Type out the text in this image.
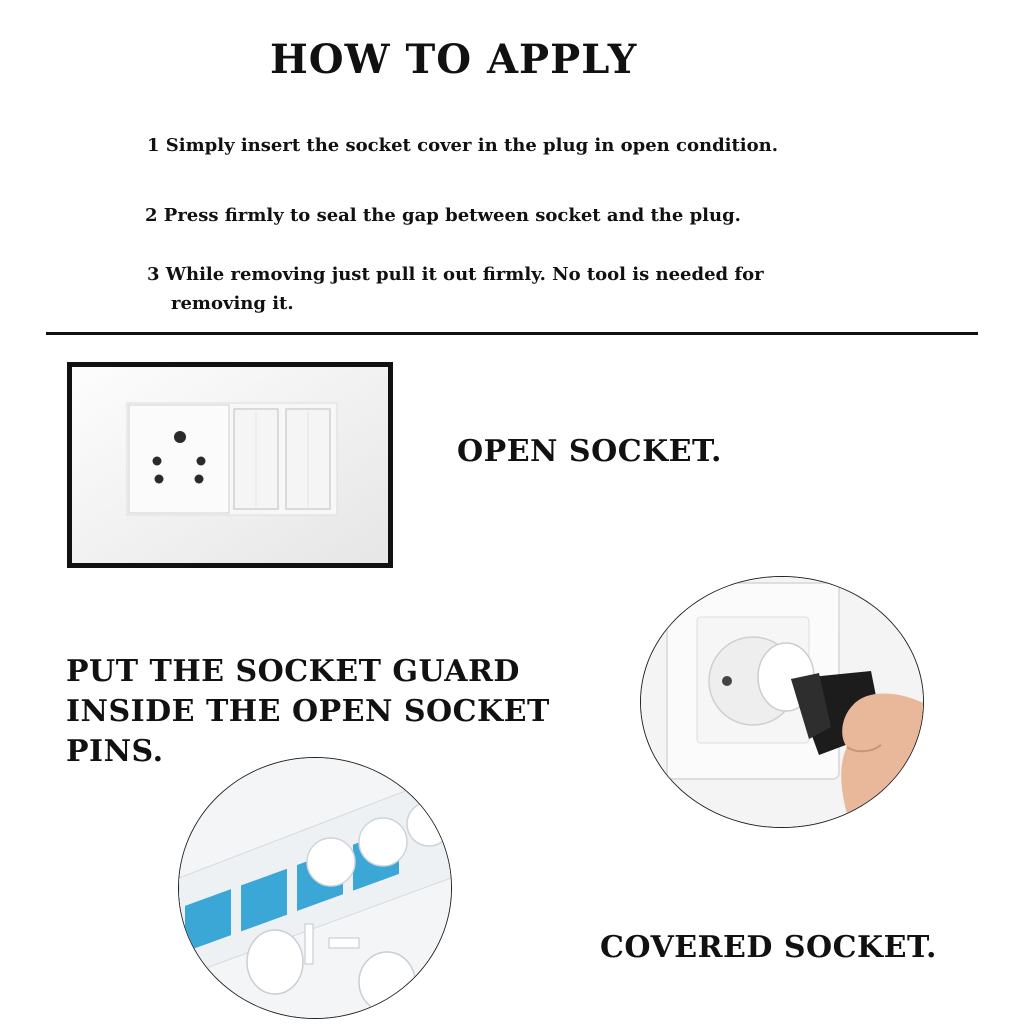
HOW TO APPLY
1 Simply insert the socket cover in the plug in open condition.
2 Press firmly to seal the gap between socket and the plug.
3 While removing just pull it out firmly. No tool is needed for
removing it.
OPEN SOCKET.
PUT THE SOCKET GUARD
INSIDE THE OPEN SOCKET
PINS.
COVERED SOCKET.
